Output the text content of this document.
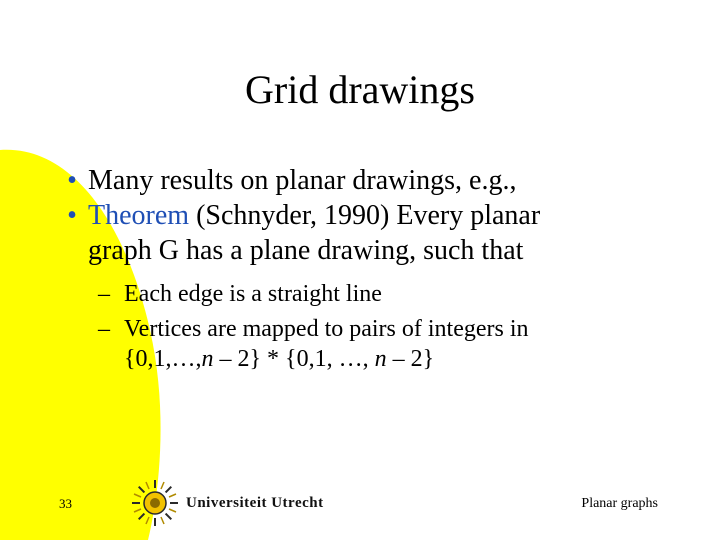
Grid drawings
• Many results on planar drawings, e.g.,
• Theorem (Schnyder, 1990) Every planar
graph G has a plane drawing, such that
– Each edge is a straight line
– Vertices are mapped to pairs of integers in
{0,1,…,n – 2} * {0,1, …, n – 2}
33	Universiteit Utrecht	Planar graphs
